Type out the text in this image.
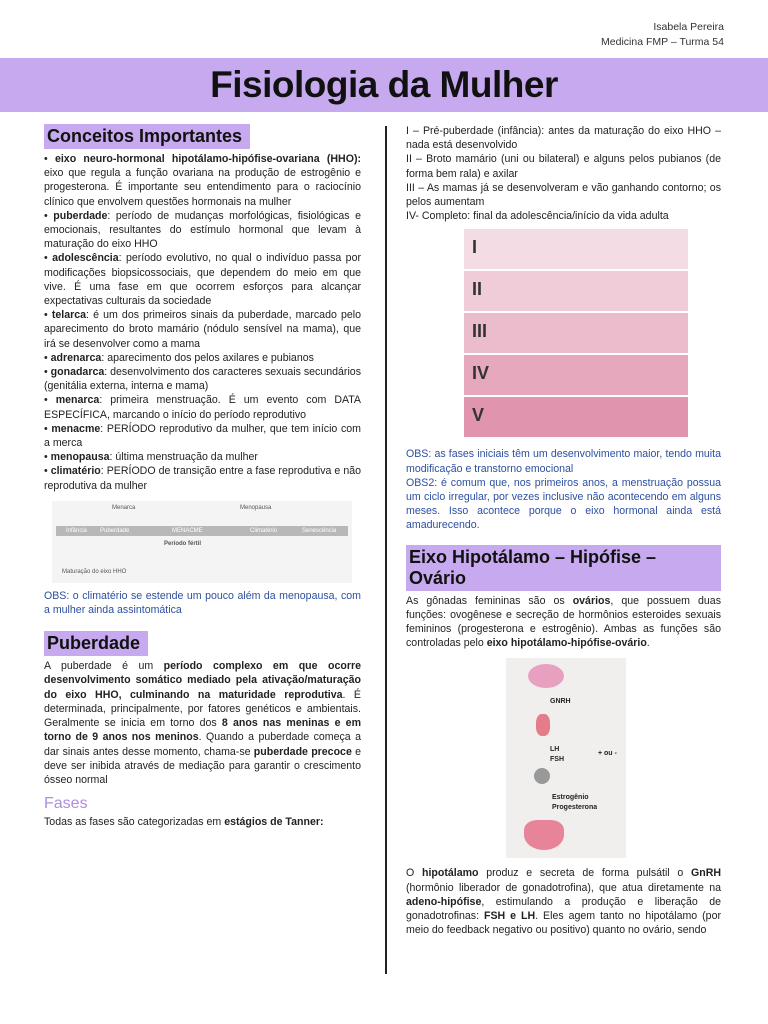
Isabela Pereira
Medicina FMP – Turma 54
Fisiologia da Mulher
Conceitos Importantes
• eixo neuro-hormonal hipotálamo-hipófise-ovariana (HHO): eixo que regula a função ovariana na produção de estrogênio e progesterona. É importante seu entendimento para o raciocínio clínico que envolvem questões hormonais na mulher
• puberdade: período de mudanças morfológicas, fisiológicas e emocionais, resultantes do estímulo hormonal que levam à maturação do eixo HHO
• adolescência: período evolutivo, no qual o indivíduo passa por modificações biopsicossociais, que dependem do meio em que vive. É uma fase em que ocorrem esforços para alcançar expectativas culturais da sociedade
• telarca: é um dos primeiros sinais da puberdade, marcado pelo aparecimento do broto mamário (nódulo sensível na mama), que irá se desenvolver como a mama
• adrenarca: aparecimento dos pelos axilares e pubianos
• gonadarca: desenvolvimento dos caracteres sexuais secundários (genitália externa, interna e mama)
• menarca: primeira menstruação. É um evento com DATA ESPECÍFICA, marcando o início do período reprodutivo
• menacme: PERÍODO reprodutivo da mulher, que tem início com a merca
• menopausa: última menstruação da mulher
• climatério: PERÍODO de transição entre a fase reprodutiva e não reprodutiva da mulher
Menarca	Menopausa
Infância Puberdade	MENACME	Climatério	Senescência
Período fértil
Maturação do eixo HHO

OBS: o climatério se estende um pouco além da menopausa, com a mulher ainda assintomática

Puberdade

A puberdade é um período complexo em que ocorre desenvolvimento somático mediado pela ativação/maturação do eixo HHO, culminando na maturidade reprodutiva. É determinada, principalmente, por fatores genéticos e ambientais. Geralmente se inicia em torno dos 8 anos nas meninas e em torno de 9 anos nos meninos. Quando a puberdade começa a dar sinais antes desse momento, chama-se puberdade precoce e deve ser inibida através de mediação para garantir o crescimento ósseo normal

Fases

Todas as fases são categorizadas em estágios de Tanner:

I – Pré-puberdade (infância): antes da maturação do eixo HHO – nada está desenvolvido

II – Broto mamário (uni ou bilateral) e alguns pelos pubianos (de forma bem rala) e axilar

III – As mamas já se desenvolveram e vão ganhando contorno; os pelos aumentam

IV- Completo: final da adolescência/início da vida adulta

I
II
III
IV
V

OBS: as fases iniciais têm um desenvolvimento maior, tendo muita modificação e transtorno emocional

OBS2: é comum que, nos primeiros anos, a menstruação possua um ciclo irregular, por vezes inclusive não acontecendo em alguns meses. Isso acontece porque o eixo hormonal ainda está amadurecendo.

Eixo Hipotálamo – Hipófise – Ovário

As gônadas femininas são os ovários, que possuem duas funções: ovogênese e secreção de hormônios esteroides sexuais femininos (progesterona e estrogênio). Ambas as funções são controladas pelo eixo hipotálamo-hipófise-ovário.

GNRH
LH
FSH
+ ou -
Estrogênio
Progesterona

O hipotálamo produz e secreta de forma pulsátil o GnRH (hormônio liberador de gonadotrofina), que atua diretamente na adeno-hipófise, estimulando a produção e liberação de gonadotrofinas: FSH e LH. Eles agem tanto no hipotálamo (por meio do feedback negativo ou positivo) quanto no ovário, sendo
